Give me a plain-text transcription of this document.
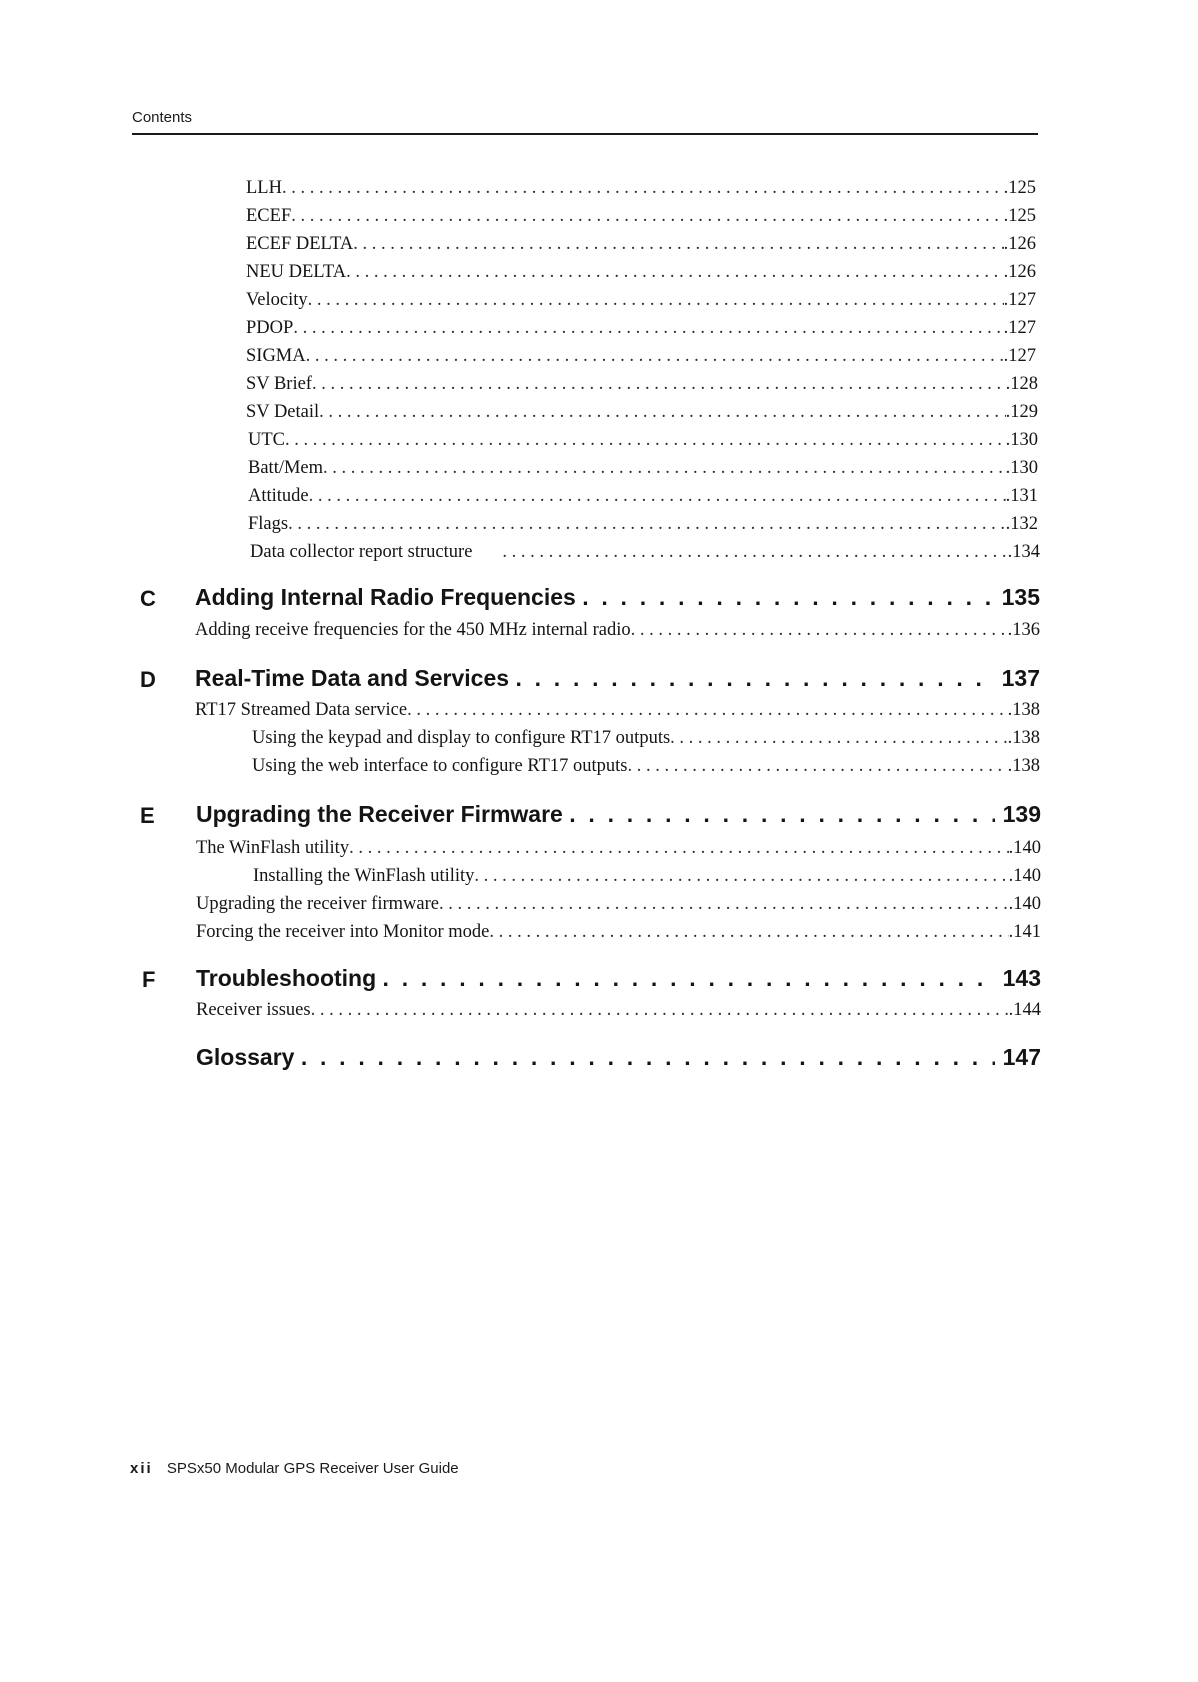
Contents
LLH . . .	.125
ECEF . . .	.125
ECEF DELTA . . .	.126
NEU DELTA . . .	.126
Velocity . . .	.127
PDOP . . .	.127
SIGMA . . .	.127
SV Brief . . .	.128
SV Detail . . .	.129
UTC . . .	.130
Batt/Mem . . .	.130
Attitude . . .	.131
Flags . . .	.132
Data collector report structure . . .	.134
C Adding Internal Radio Frequencies . .	135
Adding receive frequencies for the 450 MHz internal radio . . .	.136
D Real-Time Data and Services . .	137
RT17 Streamed Data service . . .	.138
Using the keypad and display to configure RT17 outputs . . .	.138
Using the web interface to configure RT17 outputs . . .	.138
E Upgrading the Receiver Firmware . .	139
The WinFlash utility . . .	.140
Installing the WinFlash utility . . .	.140
Upgrading the receiver firmware . . .	.140
Forcing the receiver into Monitor mode . . .	.141
F Troubleshooting . .	143
Receiver issues . . .	.144
Glossary . .	147
xii SPSx50 Modular GPS Receiver User Guide
